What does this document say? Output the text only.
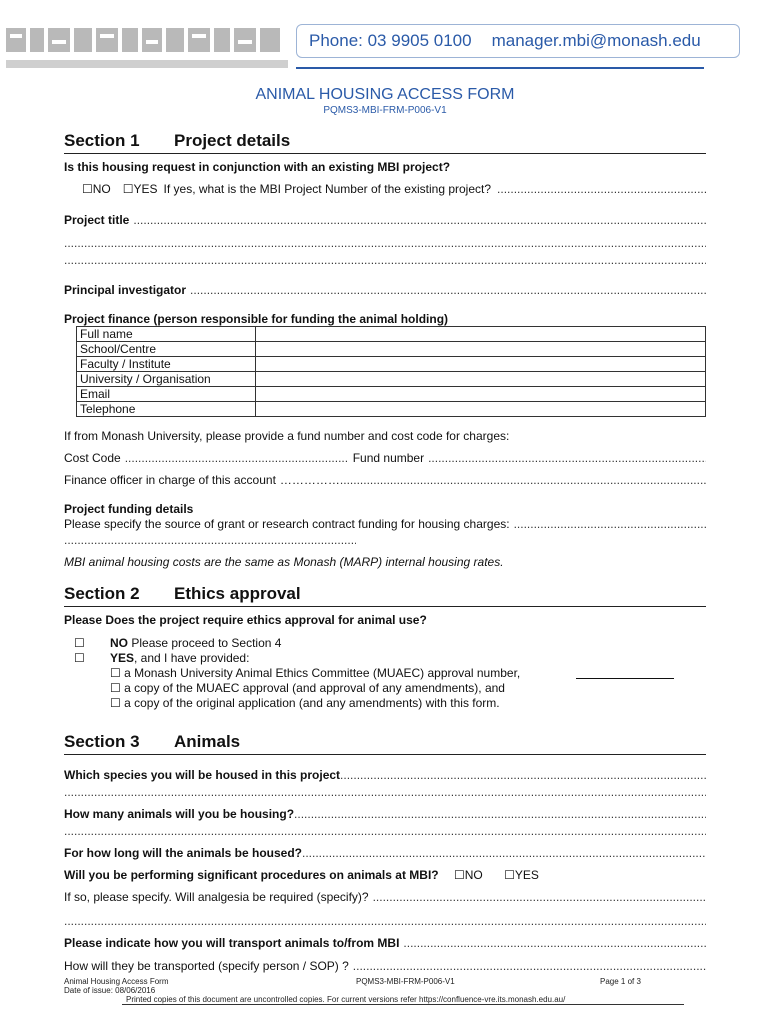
Phone: 03 9905 0100 manager.mbi@monash.edu
ANIMAL HOUSING ACCESS FORM
PQMS3-MBI-FRM-P006-V1
Section 1 Project details
Is this housing request in conjunction with an existing MBI project?
☐NO ☐YES If yes, what is the MBI Project Number of the existing project?
.....
Project title
.....
.....
.....
Principal investigator
.....
Project finance (person responsible for funding the animal holding)
Full name	
School/Centre	
Faculty / Institute	
University / Organisation	
Email	
Telephone	
If from Monash University, please provide a fund number and cost code for charges:
Cost Code .....	Fund number
.....
Finance officer in charge of this account ……………
.....
Project funding details
Please specify the source of grant or research contract funding for housing charges:
.....
.....
MBI animal housing costs are the same as Monash (MARP) internal housing rates.
Section 2 Ethics approval
Please Does the project require ethics approval for animal use?
☐	NO Please proceed to Section 4
☐	YES, and I have provided:
☐ a Monash University Animal Ethics Committee (MUAEC) approval number,
☐ a copy of the MUAEC approval (and approval of any amendments), and
☐ a copy of the original application (and any amendments) with this form.
Section 3 Animals
Which species you will be housed in this project
.....
.....
How many animals will you be housing?
.....
.....
For how long will the animals be housed?
.....
Will you be performing significant procedures on animals at MBI? ☐NO ☐YES
If so, please specify. Will analgesia be required (specify)?
.....
.....
Please indicate how you will transport animals to/from MBI
.....
How will they be transported (specify person / SOP) ?
.....
Animal Housing Access Form
Date of issue: 08/06/2016
PQMS3-MBI-FRM-P006-V1	Page 1 of 3
Printed copies of this document are uncontrolled copies. For current versions refer https://confluence-vre.its.monash.edu.au/
